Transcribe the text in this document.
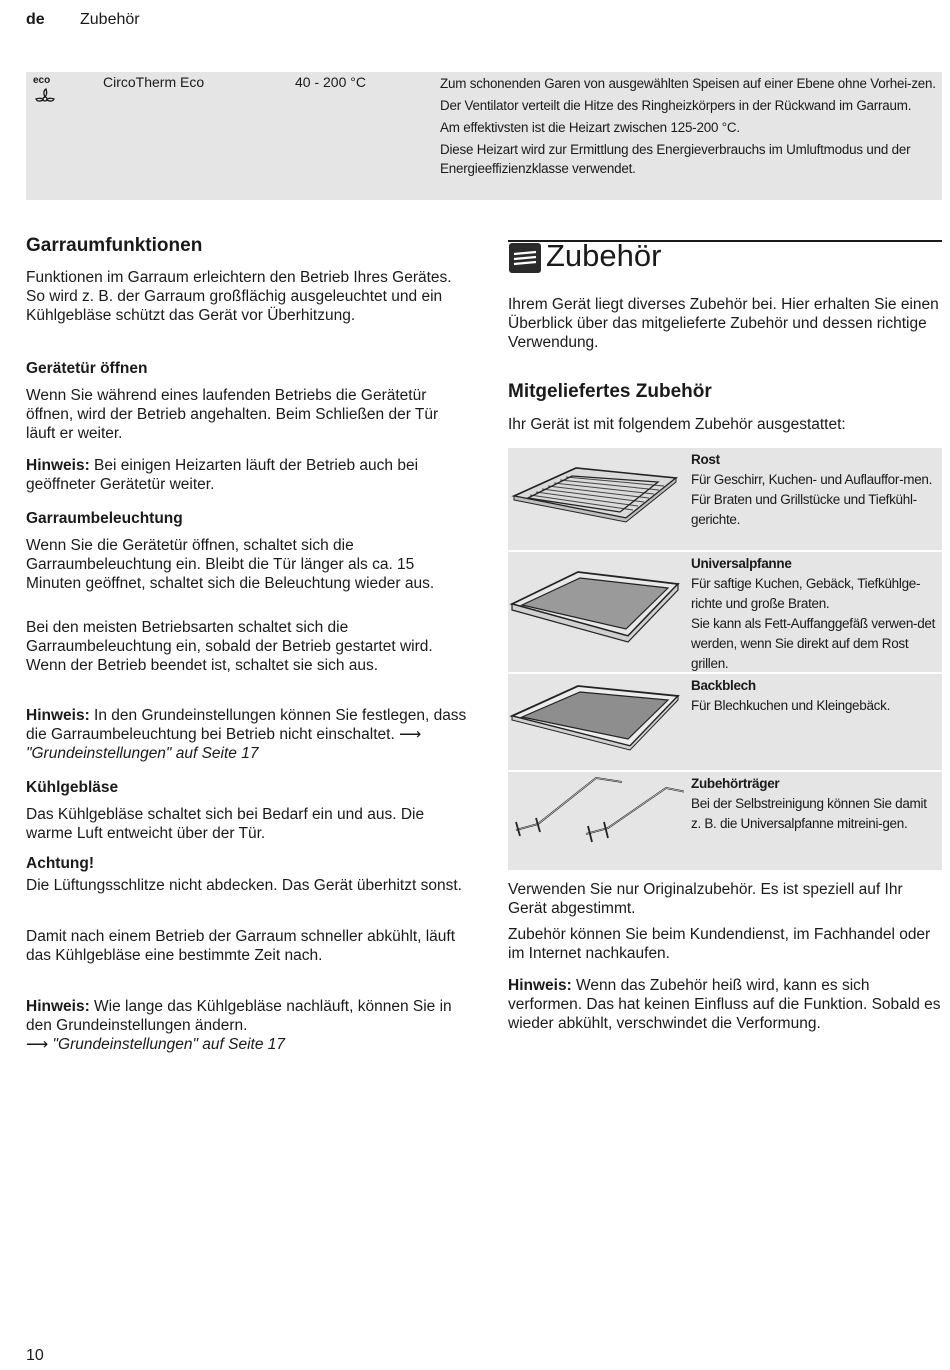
de Zubehör
eco	CircoTherm Eco	40 - 200 °C	Zum schonenden Garen von ausgewählten Speisen auf einer Ebene ohne Vorhei-zen.

Der Ventilator verteilt die Hitze des Ringheizkörpers in der Rückwand im Garraum.

Am effektivsten ist die Heizart zwischen 125-200 °C.

Diese Heizart wird zur Ermittlung des Energieverbrauchs im Umluftmodus und der Energieeffizienzklasse verwendet.

Garraumfunktionen
Funktionen im Garraum erleichtern den Betrieb Ihres Gerätes. So wird z. B. der Garraum großflächig ausgeleuchtet und ein Kühlgebläse schützt das Gerät vor Überhitzung.
Gerätetür öffnen
Wenn Sie während eines laufenden Betriebs die Gerätetür öffnen, wird der Betrieb angehalten. Beim Schließen der Tür läuft er weiter.
Hinweis: Bei einigen Heizarten läuft der Betrieb auch bei geöffneter Gerätetür weiter.
Garraumbeleuchtung
Wenn Sie die Gerätetür öffnen, schaltet sich die Garraumbeleuchtung ein. Bleibt die Tür länger als ca. 15 Minuten geöffnet, schaltet sich die Beleuchtung wieder aus.
Bei den meisten Betriebsarten schaltet sich die Garraumbeleuchtung ein, sobald der Betrieb gestartet wird. Wenn der Betrieb beendet ist, schaltet sie sich aus.
Hinweis: In den Grundeinstellungen können Sie festlegen, dass die Garraumbeleuchtung bei Betrieb nicht einschaltet. ⟶ "Grundeinstellungen" auf Seite 17
Kühlgebläse
Das Kühlgebläse schaltet sich bei Bedarf ein und aus. Die warme Luft entweicht über der Tür.
Achtung!
Die Lüftungsschlitze nicht abdecken. Das Gerät überhitzt sonst.
Damit nach einem Betrieb der Garraum schneller abkühlt, läuft das Kühlgebläse eine bestimmte Zeit nach.
Hinweis: Wie lange das Kühlgebläse nachläuft, können Sie in den Grundeinstellungen ändern.
⟶ "Grundeinstellungen" auf Seite 17
Zubehör
Ihrem Gerät liegt diverses Zubehör bei. Hier erhalten Sie einen Überblick über das mitgelieferte Zubehör und dessen richtige Verwendung.
Mitgeliefertes Zubehör
Ihr Gerät ist mit folgendem Zubehör ausgestattet:

Rost

Für Geschirr, Kuchen- und Auflauffor-men.

Für Braten und Grillstücke und Tiefkühl-gerichte.

Universalpfanne

Für saftige Kuchen, Gebäck, Tiefkühlge-richte und große Braten.

Sie kann als Fett-Auffanggefäß verwen-det werden, wenn Sie direkt auf dem Rost grillen.

Backblech

Für Blechkuchen und Kleingebäck.

Zubehörträger

Bei der Selbstreinigung können Sie damit z. B. die Universalpfanne mitreini-gen.

Verwenden Sie nur Originalzubehör. Es ist speziell auf Ihr Gerät abgestimmt.
Zubehör können Sie beim Kundendienst, im Fachhandel oder im Internet nachkaufen.
Hinweis: Wenn das Zubehör heiß wird, kann es sich verformen. Das hat keinen Einfluss auf die Funktion. Sobald es wieder abkühlt, verschwindet die Verformung.
10
